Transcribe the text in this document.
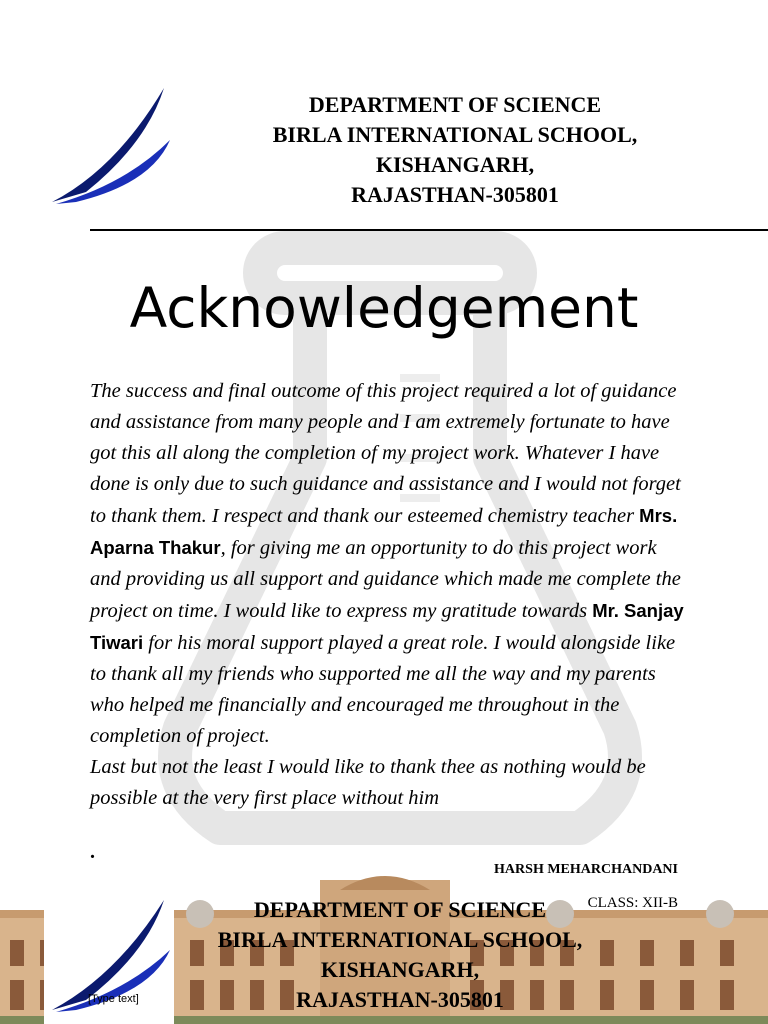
DEPARTMENT OF SCIENCE
BIRLA INTERNATIONAL SCHOOL,
KISHANGARH,
RAJASTHAN-305801
Acknowledgement
The success and final outcome of this project required a lot of guidance and assistance from many people and I am extremely fortunate to have got this all along the completion of my project work. Whatever I have done is only due to such guidance and assistance and I would not forget to thank them. I respect and thank our esteemed chemistry teacher Mrs. Aparna Thakur, for giving me an opportunity to do this project work and providing us all support and guidance which made me complete the project on time. I would like to express my gratitude towards Mr. Sanjay Tiwari for his moral support played a great role. I would alongside like to thank all my friends who supported me all the way and my parents who helped me financially and encouraged me throughout in the completion of project.
Last but not the least I would like to thank thee as nothing would be possible at the very first place without him
.
HARSH MEHARCHANDANI
CLASS: XII-B
[Type text]
DEPARTMENT OF SCIENCE
BIRLA INTERNATIONAL SCHOOL,
KISHANGARH,
RAJASTHAN-305801
